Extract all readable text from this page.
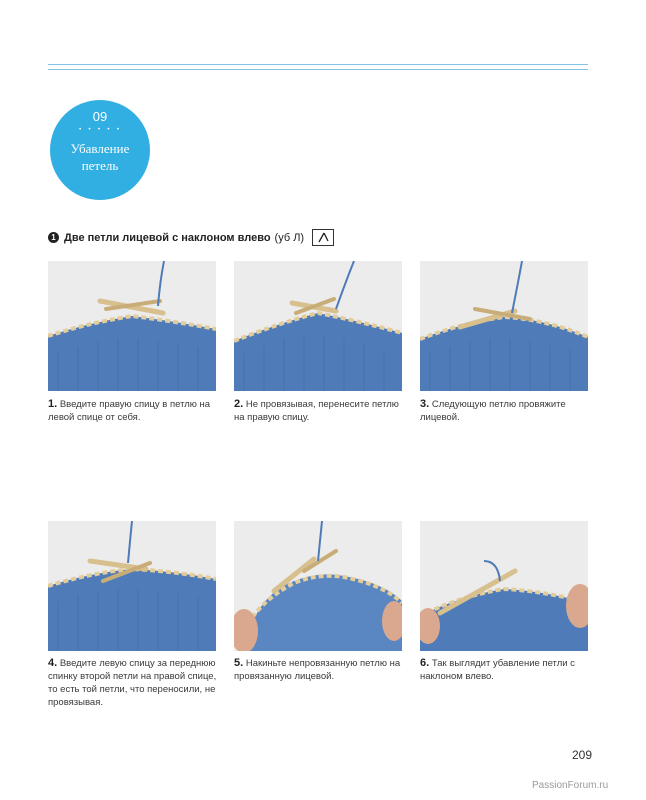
09
• • • • •
Убавление
петель
1 Две петли лицевой с наклоном влево (уб Л)
1. Введите правую спицу в петлю на левой спице от себя.
2. Не провязывая, перенесите петлю на правую спицу.
3. Следующую петлю провяжите лицевой.
4. Введите левую спицу за переднюю спинку второй петли на правой спице, то есть той петли, что переносили, не провязывая.
5. Накиньте непровязанную петлю на провязанную лицевой.
6. Так выглядит убавление петли с наклоном влево.
209
PassionForum.ru
